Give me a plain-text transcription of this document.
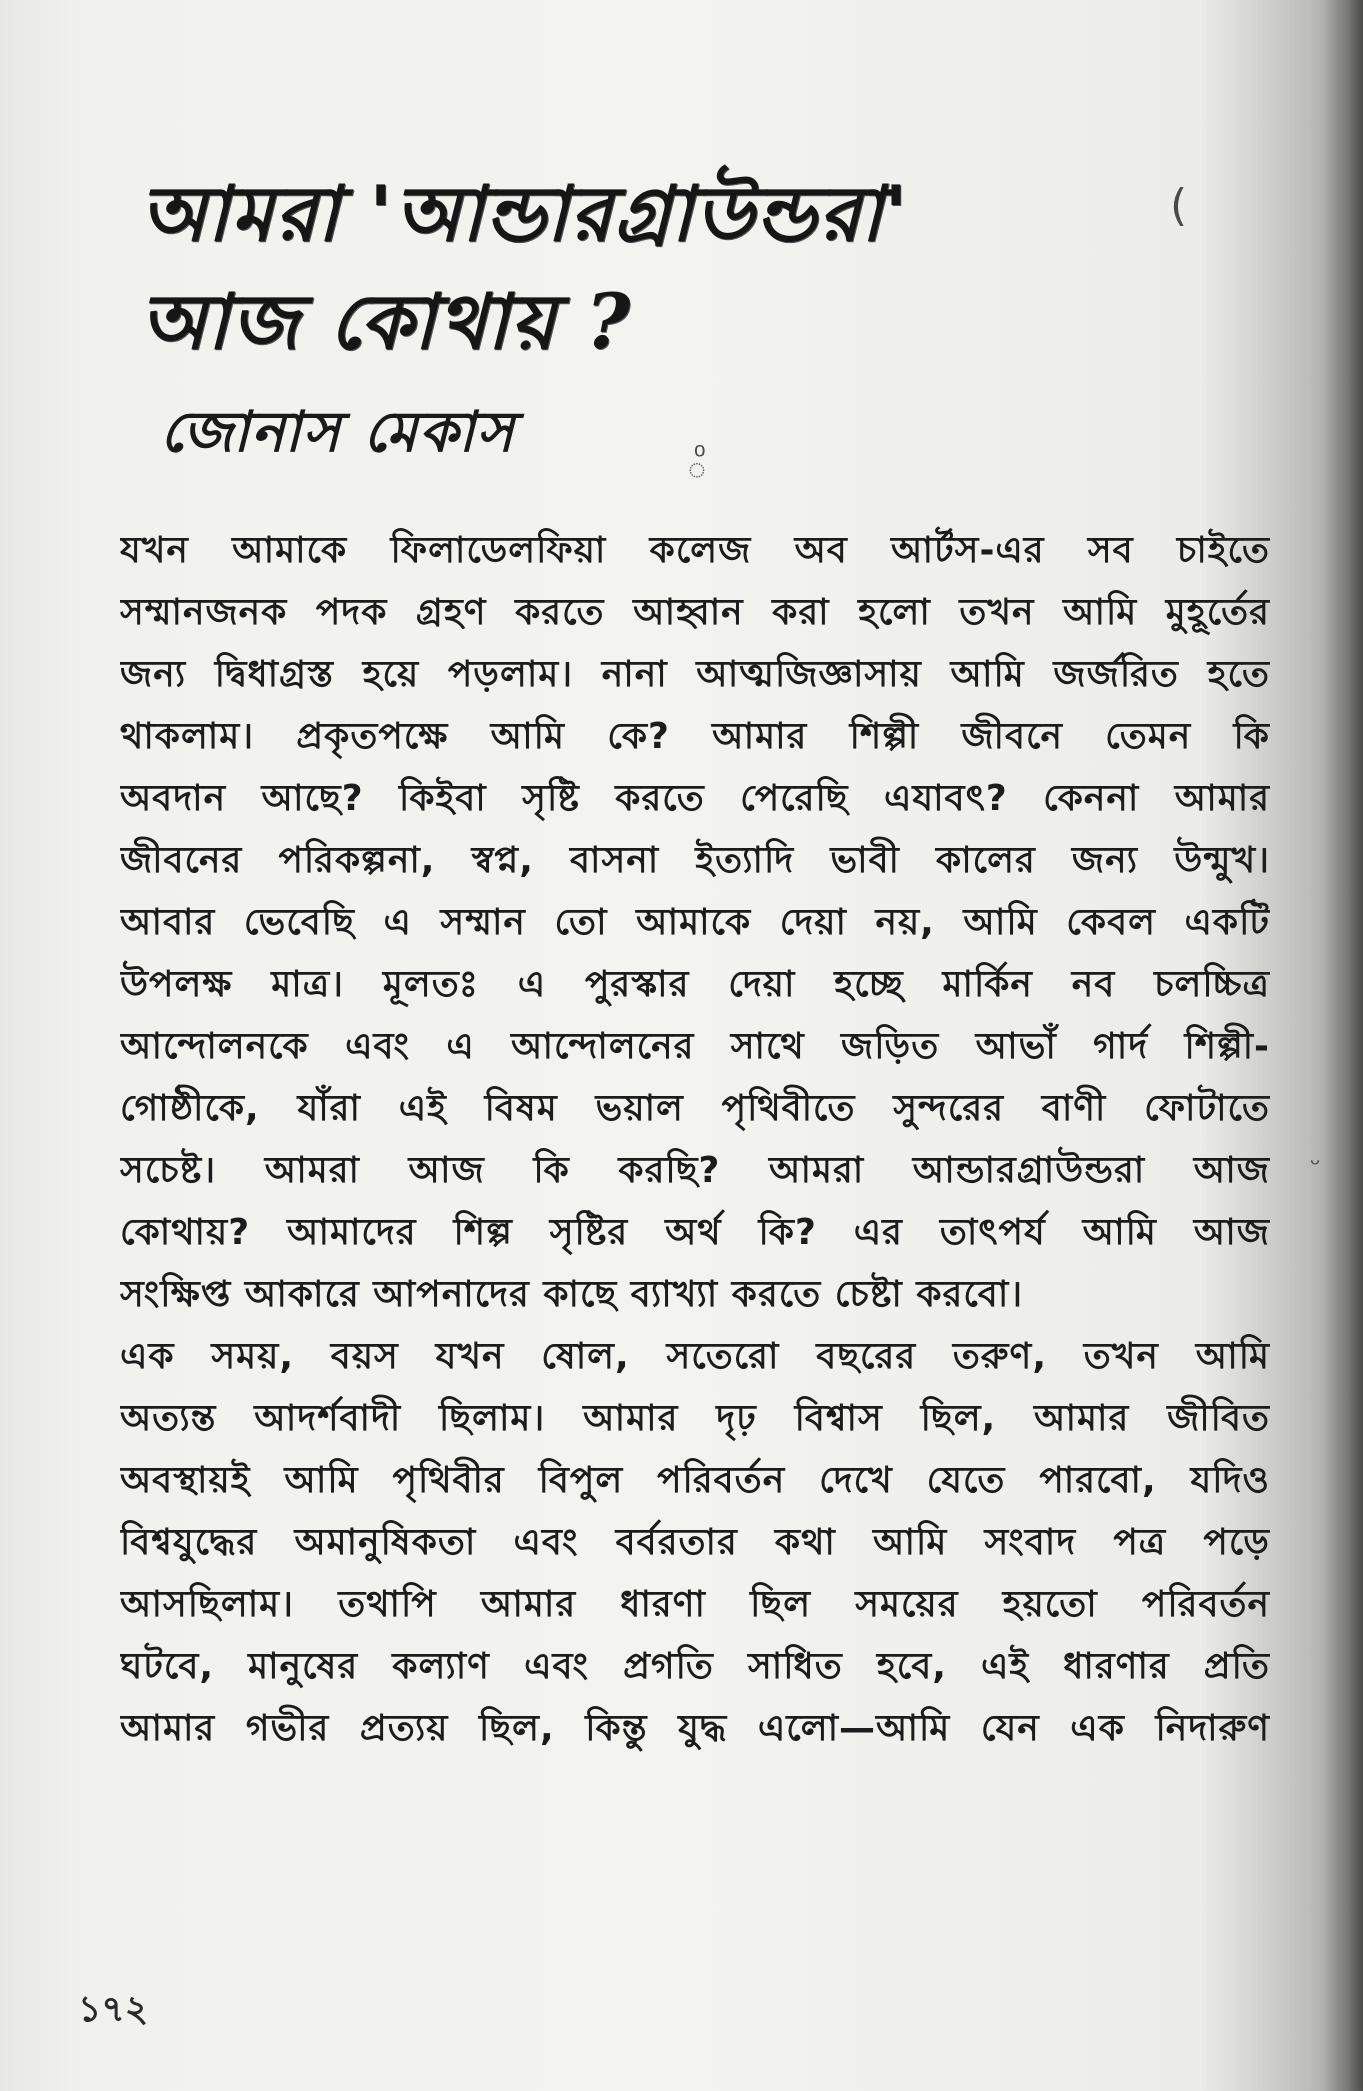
আমরা 'আন্ডারগ্রাউন্ডরা'
আজ কোথায় ?
জোনাস মেকাস
(
◌ͦ
ᵕ
যখন আমাকে ফিলাডেলফিয়া কলেজ অব আর্টস-এর সব চাইতে
সম্মানজনক পদক গ্রহণ করতে আহ্বান করা হলো তখন আমি মুহূর্তের
জন্য দ্বিধাগ্রস্ত হয়ে পড়লাম। নানা আত্মজিজ্ঞাসায় আমি জর্জরিত হতে
থাকলাম। প্রকৃতপক্ষে আমি কে? আমার শিল্পী জীবনে তেমন কি
অবদান আছে? কিইবা সৃষ্টি করতে পেরেছি এযাবৎ? কেননা আমার
জীবনের পরিকল্পনা, স্বপ্ন, বাসনা ইত্যাদি ভাবী কালের জন্য উন্মুখ।
আবার ভেবেছি এ সম্মান তো আমাকে দেয়া নয়, আমি কেবল একটি
উপলক্ষ মাত্র। মূলতঃ এ পুরস্কার দেয়া হচ্ছে মার্কিন নব চলচ্চিত্র
আন্দোলনকে এবং এ আন্দোলনের সাথে জড়িত আভাঁ গার্দ শিল্পী-
গোষ্ঠীকে, যাঁরা এই বিষম ভয়াল পৃথিবীতে সুন্দরের বাণী ফোটাতে
সচেষ্ট। আমরা আজ কি করছি? আমরা আন্ডারগ্রাউন্ডরা আজ
কোথায়? আমাদের শিল্প সৃষ্টির অর্থ কি? এর তাৎপর্য আমি আজ
সংক্ষিপ্ত আকারে আপনাদের কাছে ব্যাখ্যা করতে চেষ্টা করবো।
এক সময়, বয়স যখন ষোল, সতেরো বছরের তরুণ, তখন আমি
অত্যন্ত আদর্শবাদী ছিলাম। আমার দৃঢ় বিশ্বাস ছিল, আমার জীবিত
অবস্থায়ই আমি পৃথিবীর বিপুল পরিবর্তন দেখে যেতে পারবো, যদিও
বিশ্বযুদ্ধের অমানুষিকতা এবং বর্বরতার কথা আমি সংবাদ পত্র পড়ে
আসছিলাম। তথাপি আমার ধারণা ছিল সময়ের হয়তো পরিবর্তন
ঘটবে, মানুষের কল্যাণ এবং প্রগতি সাধিত হবে, এই ধারণার প্রতি
আমার গভীর প্রত্যয় ছিল, কিন্তু যুদ্ধ এলো—আমি যেন এক নিদারুণ
১৭২
